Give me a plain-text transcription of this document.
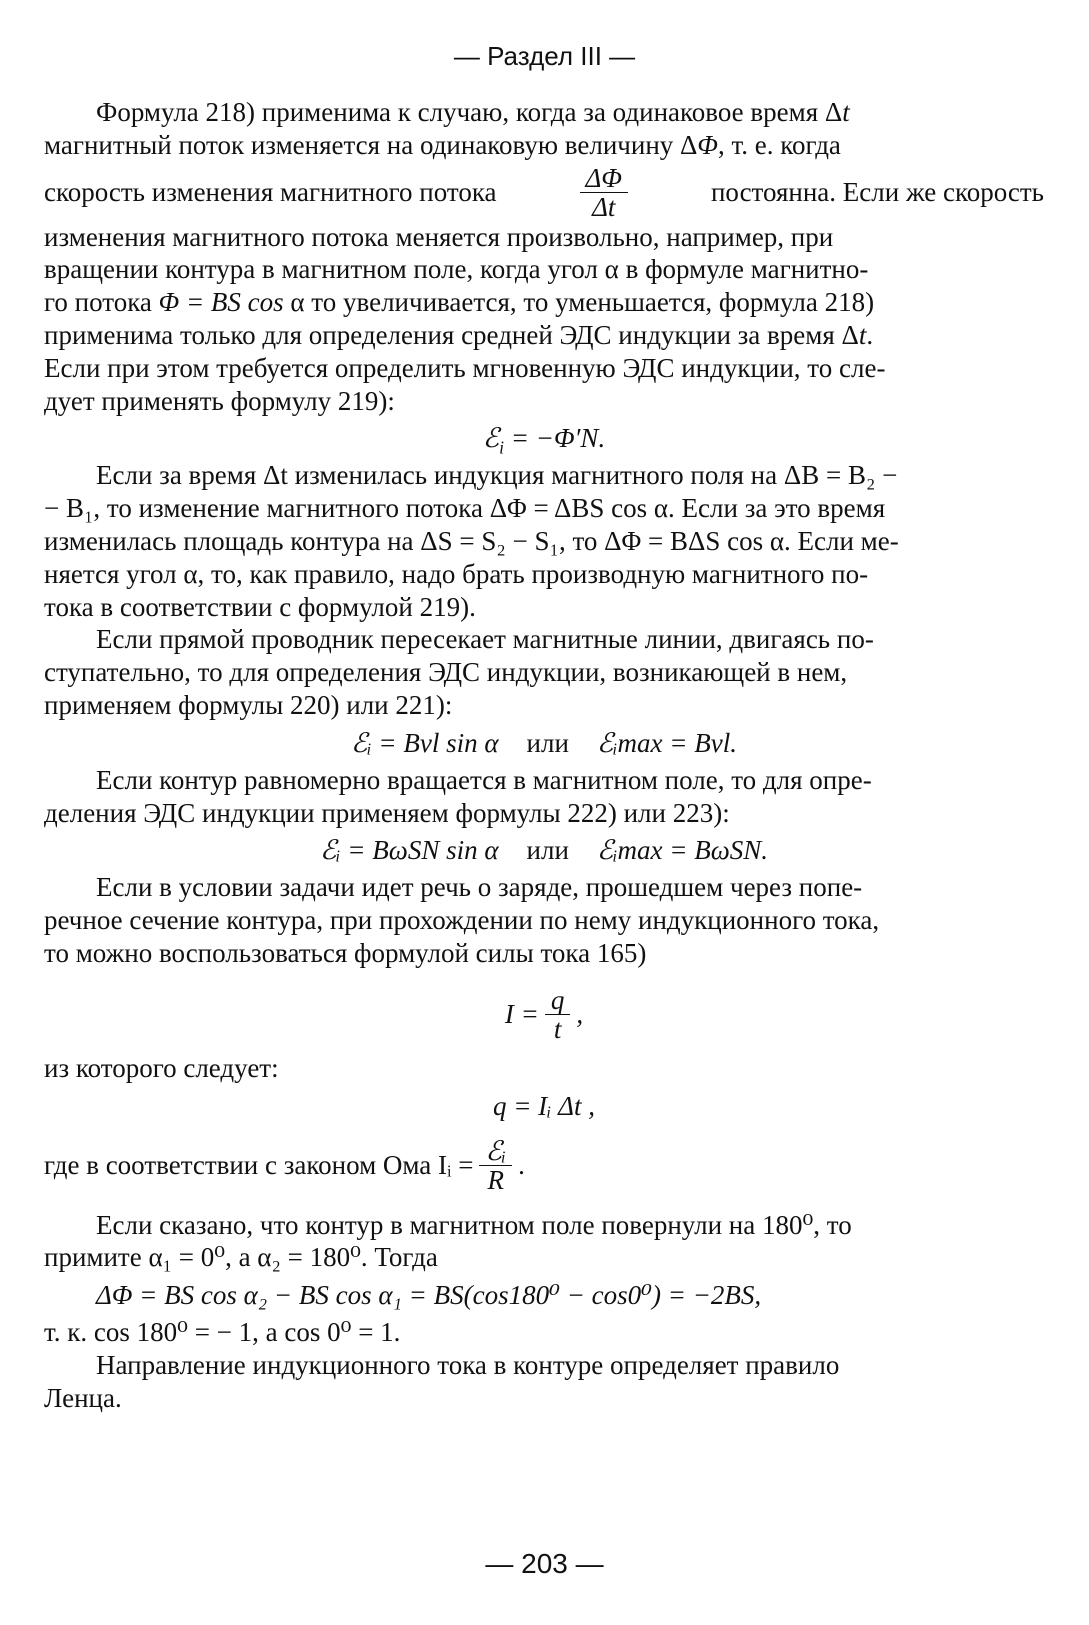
— Раздел III —

Формула 218) применима к случаю, когда за одинаковое время Δt

магнитный поток изменяется на одинаковую величину ΔΦ, т. е. когда
скорость изменения магнитного потока	$\frac{\Delta\Phi}{\Delta t}$	постоянна. Если же скорость

изменения магнитного потока меняется произвольно, например, при

вращении контура в магнитном поле, когда угол α в формуле магнитно-

го потока Φ = BS cos α то увеличивается, то уменьшается, формула 218)

применима только для определения средней ЭДС индукции за время Δt.

Если при этом требуется определить мгновенную ЭДС индукции, то сле-

дует применять формулу 219):

ℰ$_i$ = −Φ′N.

Если за время Δt изменилась индукция магнитного поля на ΔB = B₂ −

− B₁, то изменение магнитного потока ΔΦ = ΔBS cos α. Если за это время

изменилась площадь контура на ΔS = S₂ − S₁, то ΔΦ = BΔS cos α. Если ме-

няется угол α, то, как правило, надо брать производную магнитного по-

тока в соответствии с формулой 219).

Если прямой проводник пересекает магнитные линии, двигаясь по-

ступательно, то для определения ЭДС индукции, возникающей в нем,

применяем формулы 220) или 221):

ℰᵢ = Bvl sin α или ℰᵢmax = Bvl.

Если контур равномерно вращается в магнитном поле, то для опре-

деления ЭДС индукции применяем формулы 222) или 223):

ℰᵢ = BωSN sin α или ℰᵢmax = BωSN.

Если в условии задачи идет речь о заряде, прошедшем через попе-

речное сечение контура, при прохождении по нему индукционного тока,

то можно воспользоваться формулой силы тока 165)

$I = \frac{q}{t}$ ,

из которого следует:

q = Iᵢ Δt ,

где в соответствии с законом Ома Iᵢ = $\frac{\text{ℰᵢ}}{R}$ .

Если сказано, что контур в магнитном поле повернули на 180⁰, то

примите α₁ = 0⁰, а α₂ = 180⁰. Тогда

ΔΦ = BS cos α₂ − BS cos α₁ = BS(cos180⁰ − cos0⁰) = −2BS,

т. к. cos 180⁰ = − 1, a cos 0⁰ = 1.

Направление индукционного тока в контуре определяет правило

Ленца.

— 203 —
